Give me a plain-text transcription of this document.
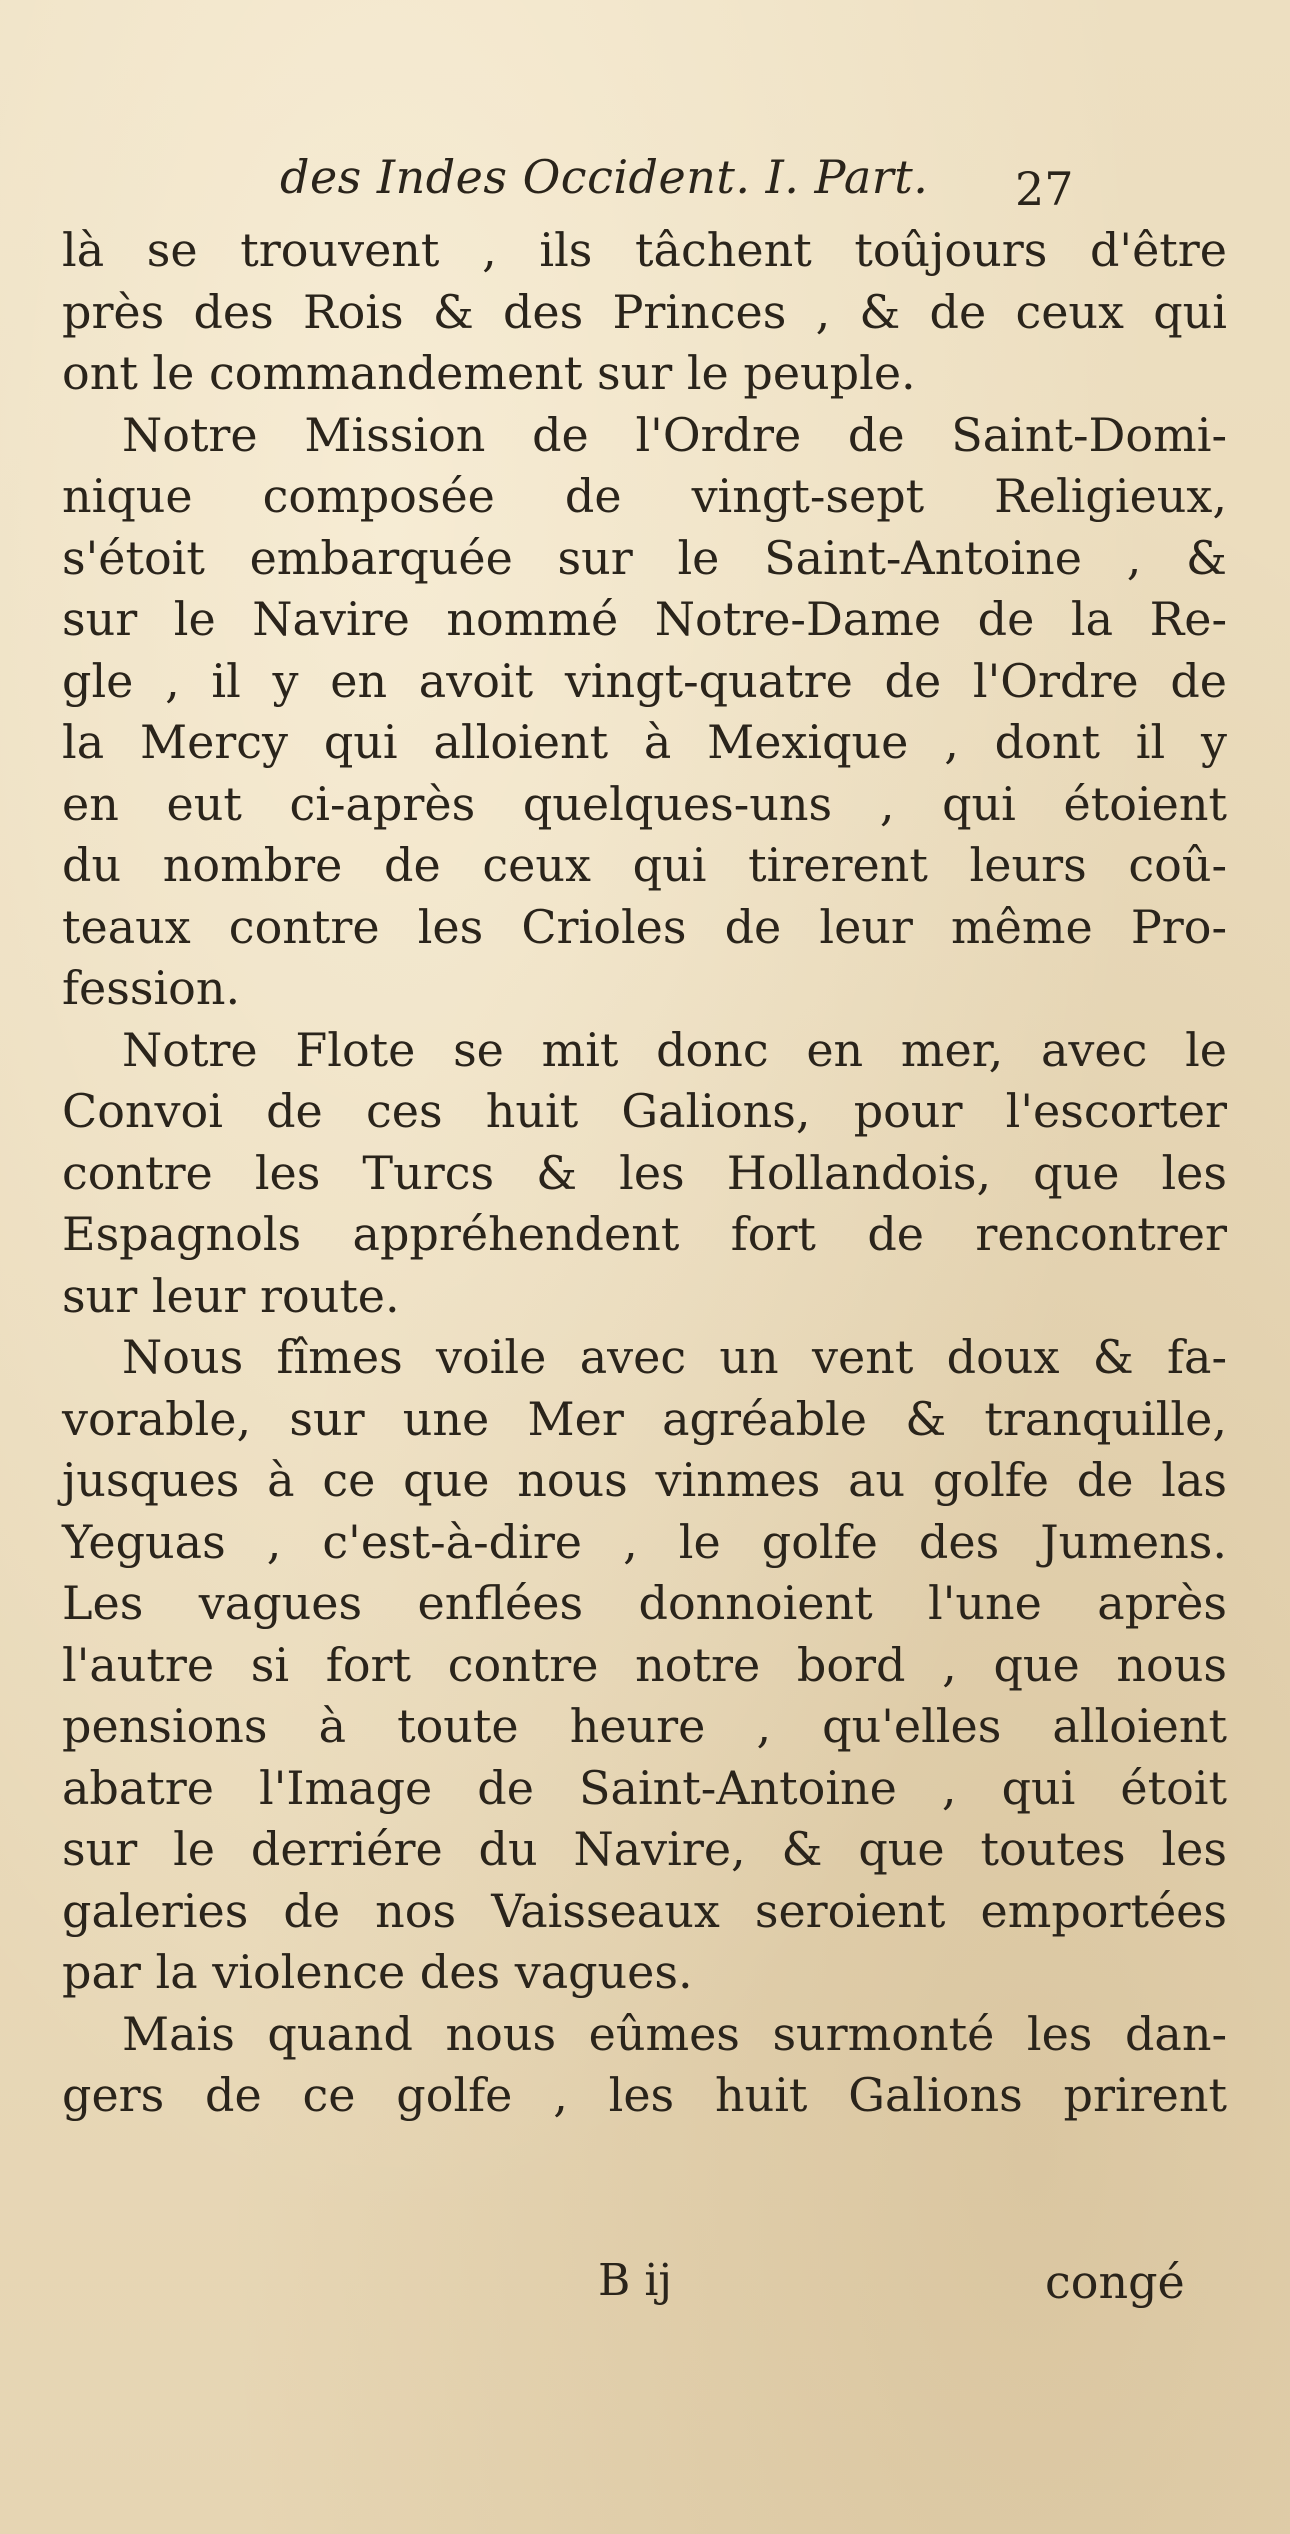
des Indes Occident. I. Part. 27
là se trouvent , ils tâchent toûjours d'être
près des Rois & des Princes , & de ceux qui
ont le commandement sur le peuple.
Notre Mission de l'Ordre de Saint-Domi-
nique composée de vingt-sept Religieux,
s'étoit embarquée sur le Saint-Antoine , &
sur le Navire nommé Notre-Dame de la Re-
gle , il y en avoit vingt-quatre de l'Ordre de
la Mercy qui alloient à Mexique , dont il y
en eut ci-après quelques-uns , qui étoient
du nombre de ceux qui tirerent leurs coû-
teaux contre les Crioles de leur même Pro-
fession.
Notre Flote se mit donc en mer, avec le
Convoi de ces huit Galions, pour l'escorter
contre les Turcs & les Hollandois, que les
Espagnols appréhendent fort de rencontrer
sur leur route.
Nous fîmes voile avec un vent doux & fa-
vorable, sur une Mer agréable & tranquille,
jusques à ce que nous vinmes au golfe de las
Yeguas , c'est-à-dire , le golfe des Jumens.
Les vagues enflées donnoient l'une après
l'autre si fort contre notre bord , que nous
pensions à toute heure , qu'elles alloient
abatre l'Image de Saint-Antoine , qui étoit
sur le derriére du Navire, & que toutes les
galeries de nos Vaisseaux seroient emportées
par la violence des vagues.
Mais quand nous eûmes surmonté les dan-
gers de ce golfe , les huit Galions prirent
B ij	congé
